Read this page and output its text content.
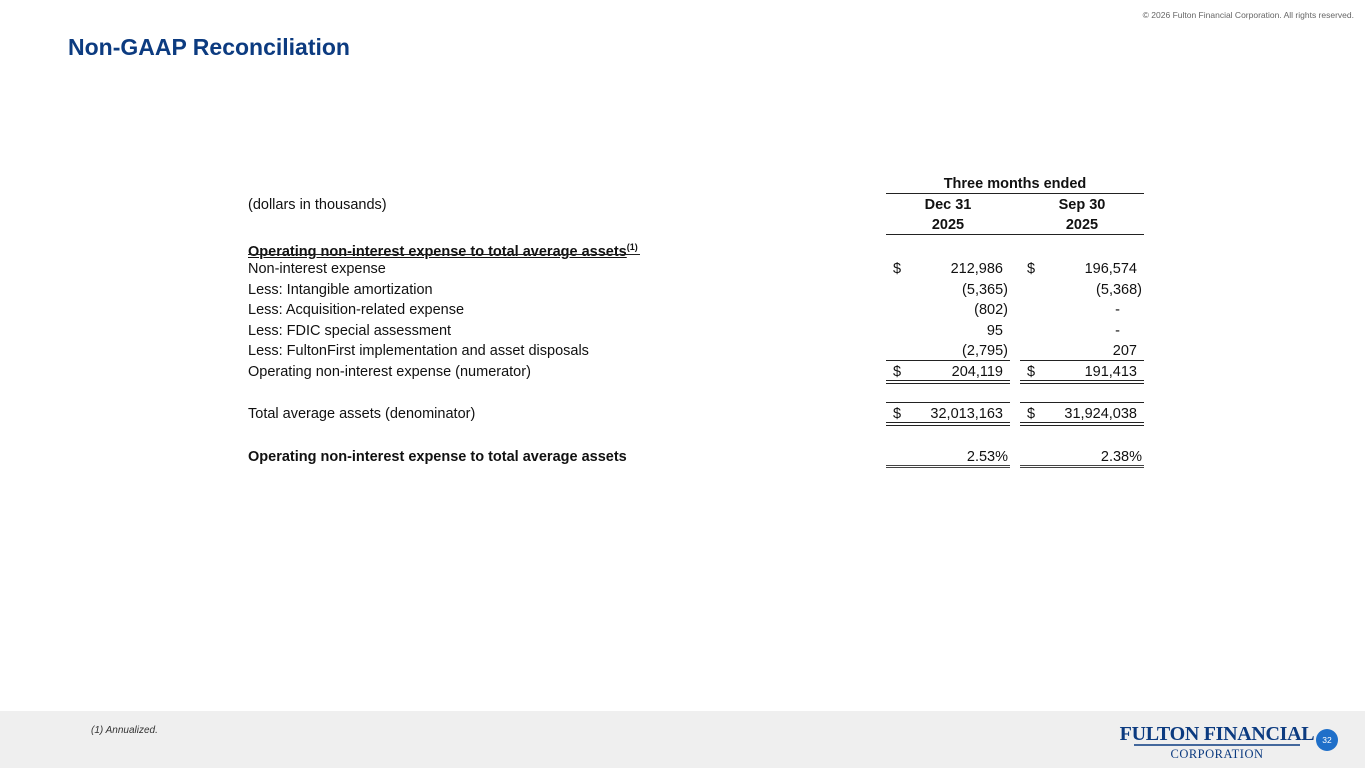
© 2026 Fulton Financial Corporation. All rights reserved.
Non-GAAP Reconciliation
Three months ended
(dollars in thousands)	Dec 31	Sep 30
2025	2025
Operating non-interest expense to total average assets$^{(1)}$
Non-interest expense	$	212,986 $	196,574
Less: Intangible amortization	(5,365)	(5,368)
Less: Acquisition-related expense	(802)	-
Less: FDIC special assessment	95	-
Less: FultonFirst implementation and asset disposals	(2,795)	207
Operating non-interest expense (numerator)	$	204,119 $	191,413
Total average assets (denominator)	$	32,013,163 $	31,924,038
Operating non-interest expense to total average assets	2.53%	2.38%
(1) Annualized.	FULTON FINANCIAL
CORPORATION
32
